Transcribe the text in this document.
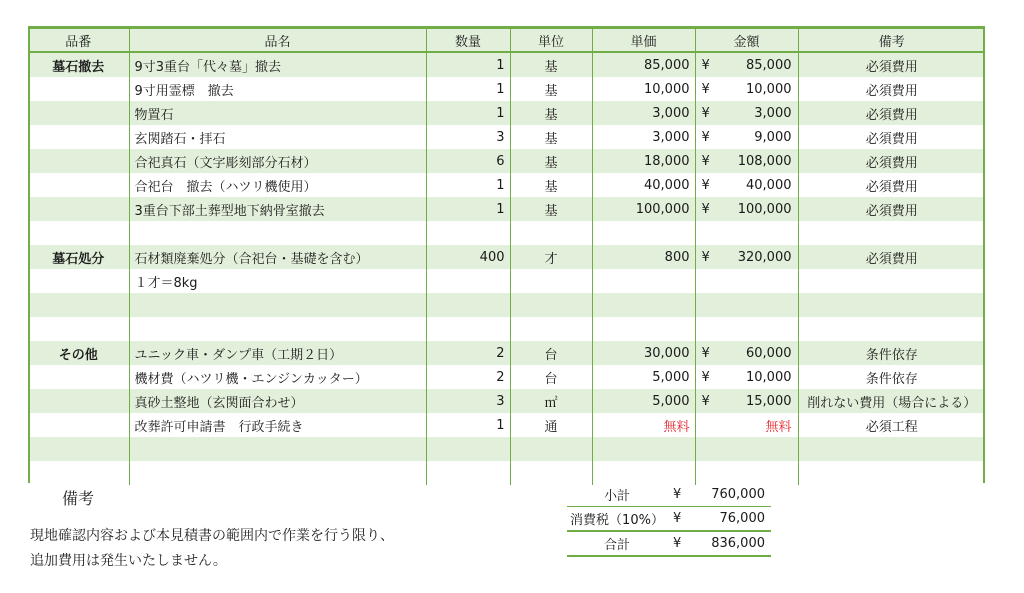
品番	品名	数量	単位	単価	金額	備考
墓石撤去	9寸3重台「代々墓」撤去	1	基	85,000	¥ 85,000	必須費用
	9寸用霊標　撤去	1	基	10,000	¥ 10,000	必須費用
	物置石	1	基	3,000	¥ 3,000	必須費用
	玄関踏石・拝石	3	基	3,000	¥ 9,000	必須費用
	合祀真石（文字彫刻部分石材）	6	基	18,000	¥ 108,000	必須費用
	合祀台　撤去（ハツリ機使用）	1	基	40,000	¥ 40,000	必須費用
	3重台下部土葬型地下納骨室撤去	1	基	100,000	¥ 100,000	必須費用

墓石処分	石材類廃棄処分（合祀台・基礎を含む）	400	才	800	¥ 320,000	必須費用
	１才＝8kg				

その他	ユニック車・ダンプ車（工期２日）	2	台	30,000	¥ 60,000	条件依存
	機材費（ハツリ機・エンジンカッター）	2	台	5,000	¥ 10,000	条件依存
	真砂土整地（玄関面合わせ）	3	㎡	5,000	¥ 15,000	削れない費用（場合による）
	改葬許可申請書　行政手続き	1	通	無料	無料	必須工程

備考
現地確認内容および本見積書の範囲内で作業を行う限り、
追加費用は発生いたしません。
小計	¥	760,000
消費税（10%） ¥	76,000
合計	¥	836,000
